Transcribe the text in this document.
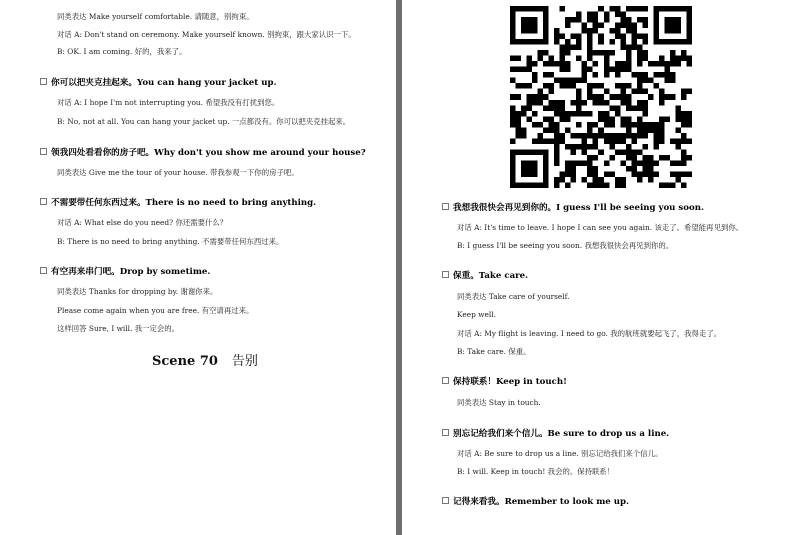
同类表达 Make yourself comfortable. 请随意，别拘束。
对话 A: Don't stand on ceremony. Make yourself known. 别拘束，跟大家认识一下。
B: OK. I am coming. 好的，我来了。
你可以把夹克挂起来。You can hang your jacket up.
对话 A: I hope I'm not interrupting you. 希望我没有打扰到您。
B: No, not at all. You can hang your jacket up. 一点都没有。你可以把夹克挂起来。
领我四处看看你的房子吧。Why don't you show me around your house?
同类表达 Give me the tour of your house. 带我参观一下你的房子吧。
不需要带任何东西过来。There is no need to bring anything.
对话 A: What else do you need? 你还需要什么？
B: There is no need to bring anything. 不需要带任何东西过来。
有空再来串门吧。Drop by sometime.
同类表达 Thanks for dropping by. 谢谢你来。
Please come again when you are free. 有空请再过来。
这样回答 Sure, I will. 我一定会的。
Scene 70 告别
我想我很快会再见到你的。I guess I'll be seeing you soon.
对话 A: It's time to leave. I hope I can see you again. 该走了。希望能再见到你。
B: I guess I'll be seeing you soon. 我想我很快会再见到你的。
保重。Take care.
同类表达 Take care of yourself.
Keep well.
对话 A: My flight is leaving. I need to go. 我的航班就要起飞了，我得走了。
B: Take care. 保重。
保持联系！Keep in touch!
同类表达 Stay in touch.
别忘记给我们来个信儿。Be sure to drop us a line.
对话 A: Be sure to drop us a line. 别忘记给我们来个信儿。
B: I will. Keep in touch! 我会的。保持联系！
记得来看我。Remember to look me up.
